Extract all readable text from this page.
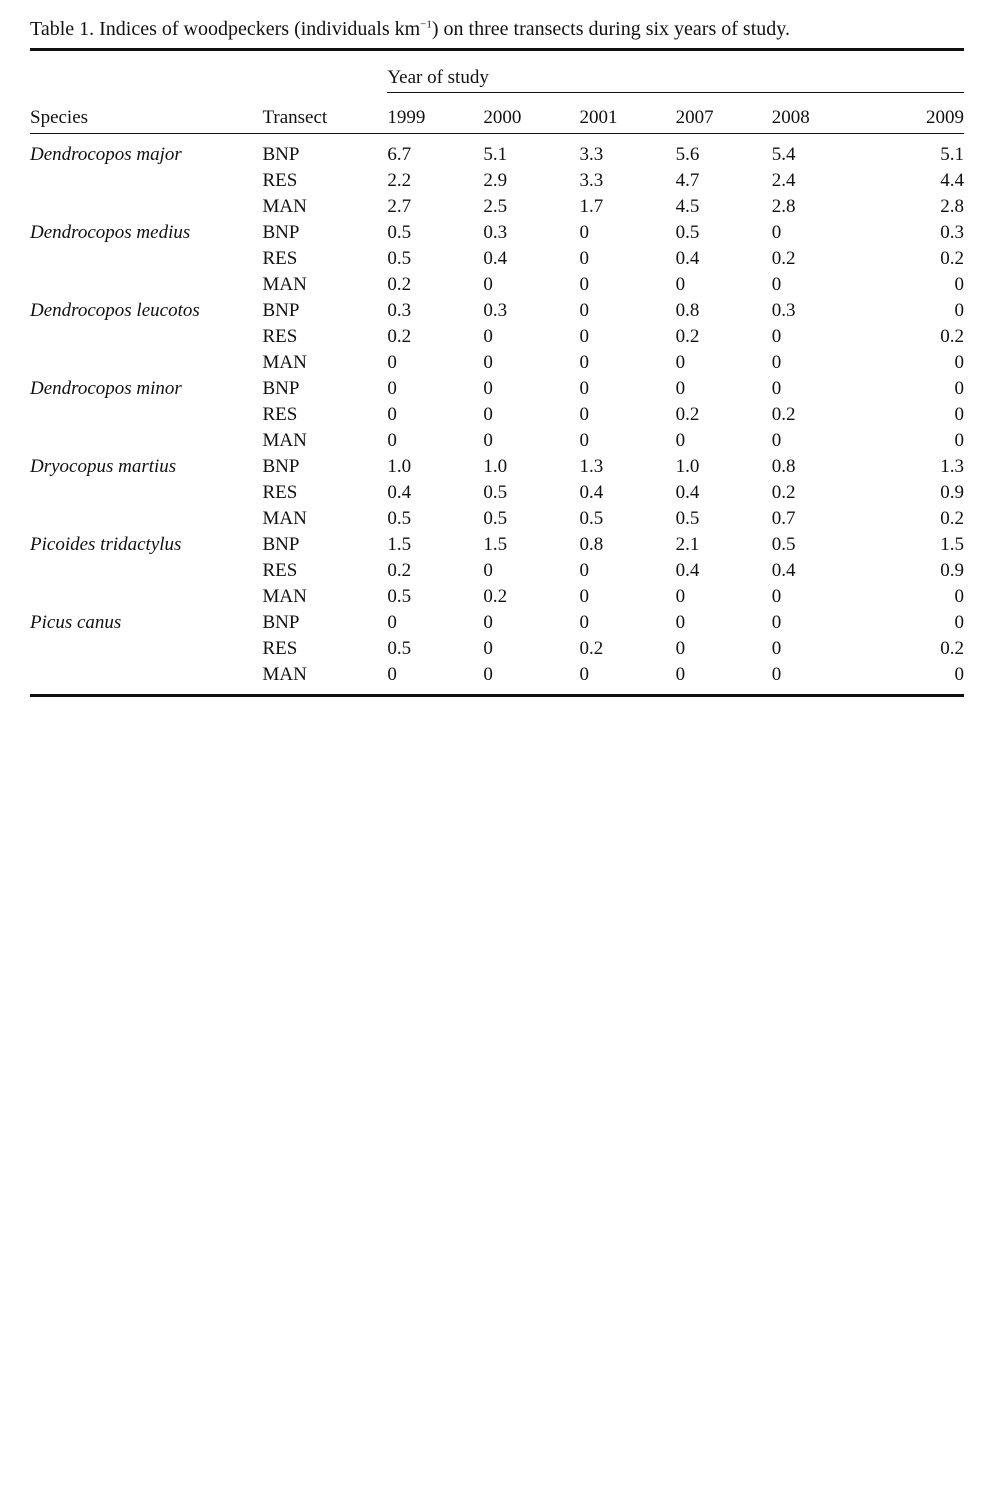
Table 1. Indices of woodpeckers (individuals $km^{-1}$) on three transects during six years of study.

		Year of study					
Species	Transect	1999	2000	2001	2007	2008	2009
Dendrocopos major	BNP	6.7	5.1	3.3	5.6	5.4	5.1
	RES	2.2	2.9	3.3	4.7	2.4	4.4
	MAN	2.7	2.5	1.7	4.5	2.8	2.8
Dendrocopos medius	BNP	0.5	0.3	0	0.5	0	0.3
	RES	0.5	0.4	0	0.4	0.2	0.2
	MAN	0.2	0	0	0	0	0
Dendrocopos leucotos	BNP	0.3	0.3	0	0.8	0.3	0
	RES	0.2	0	0	0.2	0	0.2
	MAN	0	0	0	0	0	0
Dendrocopos minor	BNP	0	0	0	0	0	0
	RES	0	0	0	0.2	0.2	0
	MAN	0	0	0	0	0	0
Dryocopus martius	BNP	1.0	1.0	1.3	1.0	0.8	1.3
	RES	0.4	0.5	0.4	0.4	0.2	0.9
	MAN	0.5	0.5	0.5	0.5	0.7	0.2
Picoides tridactylus	BNP	1.5	1.5	0.8	2.1	0.5	1.5
	RES	0.2	0	0	0.4	0.4	0.9
	MAN	0.5	0.2	0	0	0	0
Picus canus	BNP	0	0	0	0	0	0
	RES	0.5	0	0.2	0	0	0.2
	MAN	0	0	0	0	0	0
